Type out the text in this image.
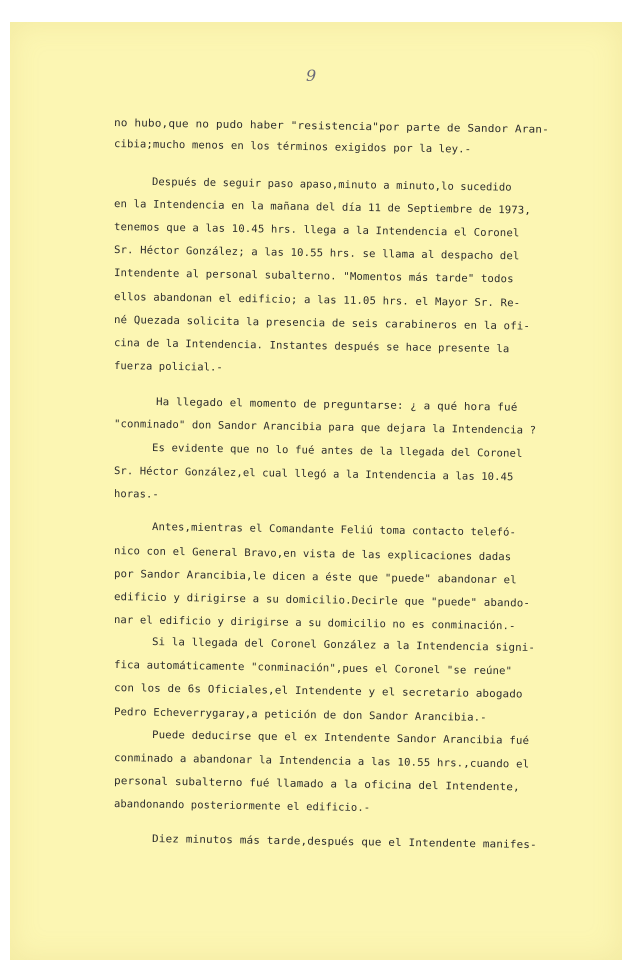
9
no hubo,que no pudo haber "resistencia"por parte de Sandor Aran-
cibia;mucho menos en los términos exigidos por la ley.-
Después de seguir paso apaso,minuto a minuto,lo sucedido
en la Intendencia en la mañana del día 11 de Septiembre de 1973,
tenemos que a las 10.45 hrs. llega a la Intendencia el Coronel
Sr. Héctor González; a las 10.55 hrs. se llama al despacho del
Intendente al personal subalterno. "Momentos más tarde" todos
ellos abandonan el edificio; a las 11.05 hrs. el Mayor Sr. Re-
né Quezada solicita la presencia de seis carabineros en la ofi-
cina de la Intendencia. Instantes después se hace presente la
fuerza policial.-
Ha llegado el momento de preguntarse: ¿ a qué hora fué
"conminado" don Sandor Arancibia para que dejara la Intendencia ?
Es evidente que no lo fué antes de la llegada del Coronel
Sr. Héctor González,el cual llegó a la Intendencia a las 10.45
horas.-
Antes,mientras el Comandante Feliú toma contacto telefó-
nico con el General Bravo,en vista de las explicaciones dadas
por Sandor Arancibia,le dicen a éste que "puede" abandonar el
edificio y dirigirse a su domicilio.Decirle que "puede" abando-
nar el edificio y dirigirse a su domicilio no es conminación.-
Si la llegada del Coronel González a la Intendencia signi-
fica automáticamente "conminación",pues el Coronel "se reúne"
con los de 6s Oficiales,el Intendente y el secretario abogado
Pedro Echeverrygaray,a petición de don Sandor Arancibia.-
Puede deducirse que el ex Intendente Sandor Arancibia fué
conminado a abandonar la Intendencia a las 10.55 hrs.,cuando el
personal subalterno fué llamado a la oficina del Intendente,
abandonando posteriormente el edificio.-
Diez minutos más tarde,después que el Intendente manifes-
